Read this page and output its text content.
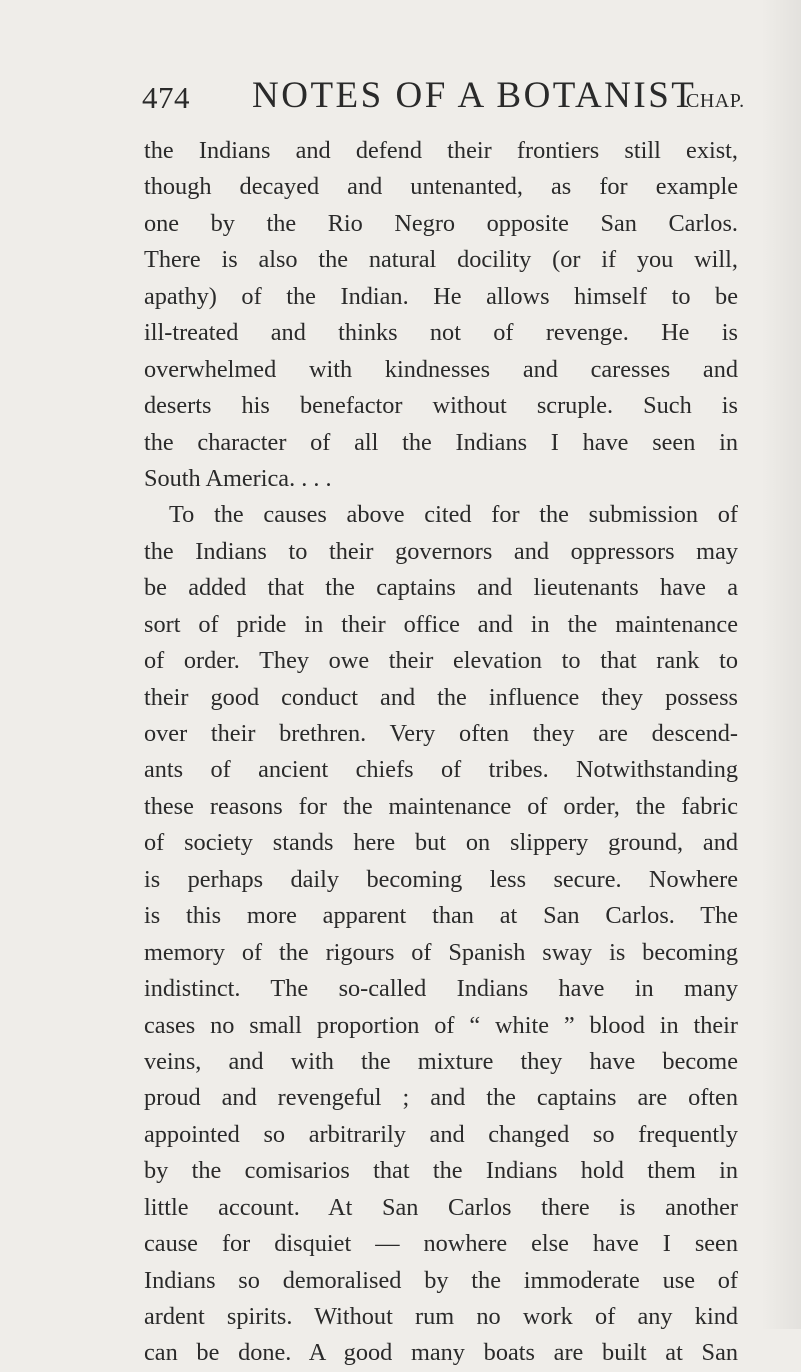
474 NOTES OF A BOTANIST
CHAP.
the Indians and defend their frontiers still exist,
though decayed and untenanted, as for example
one by the Rio Negro opposite San Carlos.
There is also the natural docility (or if you will,
apathy) of the Indian. He allows himself to be
ill-treated and thinks not of revenge. He is
overwhelmed with kindnesses and caresses and
deserts his benefactor without scruple. Such is
the character of all the Indians I have seen in
South America. . . .
To the causes above cited for the submission of
the Indians to their governors and oppressors may
be added that the captains and lieutenants have a
sort of pride in their office and in the maintenance
of order. They owe their elevation to that rank to
their good conduct and the influence they possess
over their brethren. Very often they are descend-
ants of ancient chiefs of tribes. Notwithstanding
these reasons for the maintenance of order, the fabric
of society stands here but on slippery ground, and
is perhaps daily becoming less secure. Nowhere
is this more apparent than at San Carlos. The
memory of the rigours of Spanish sway is becoming
indistinct. The so-called Indians have in many
cases no small proportion of “ white ” blood in their
veins, and with the mixture they have become
proud and revengeful ; and the captains are often
appointed so arbitrarily and changed so frequently
by the comisarios that the Indians hold them in
little account. At San Carlos there is another
cause for disquiet — nowhere else have I seen
Indians so demoralised by the immoderate use of
ardent spirits. Without rum no work of any kind
can be done. A good many boats are built at San
